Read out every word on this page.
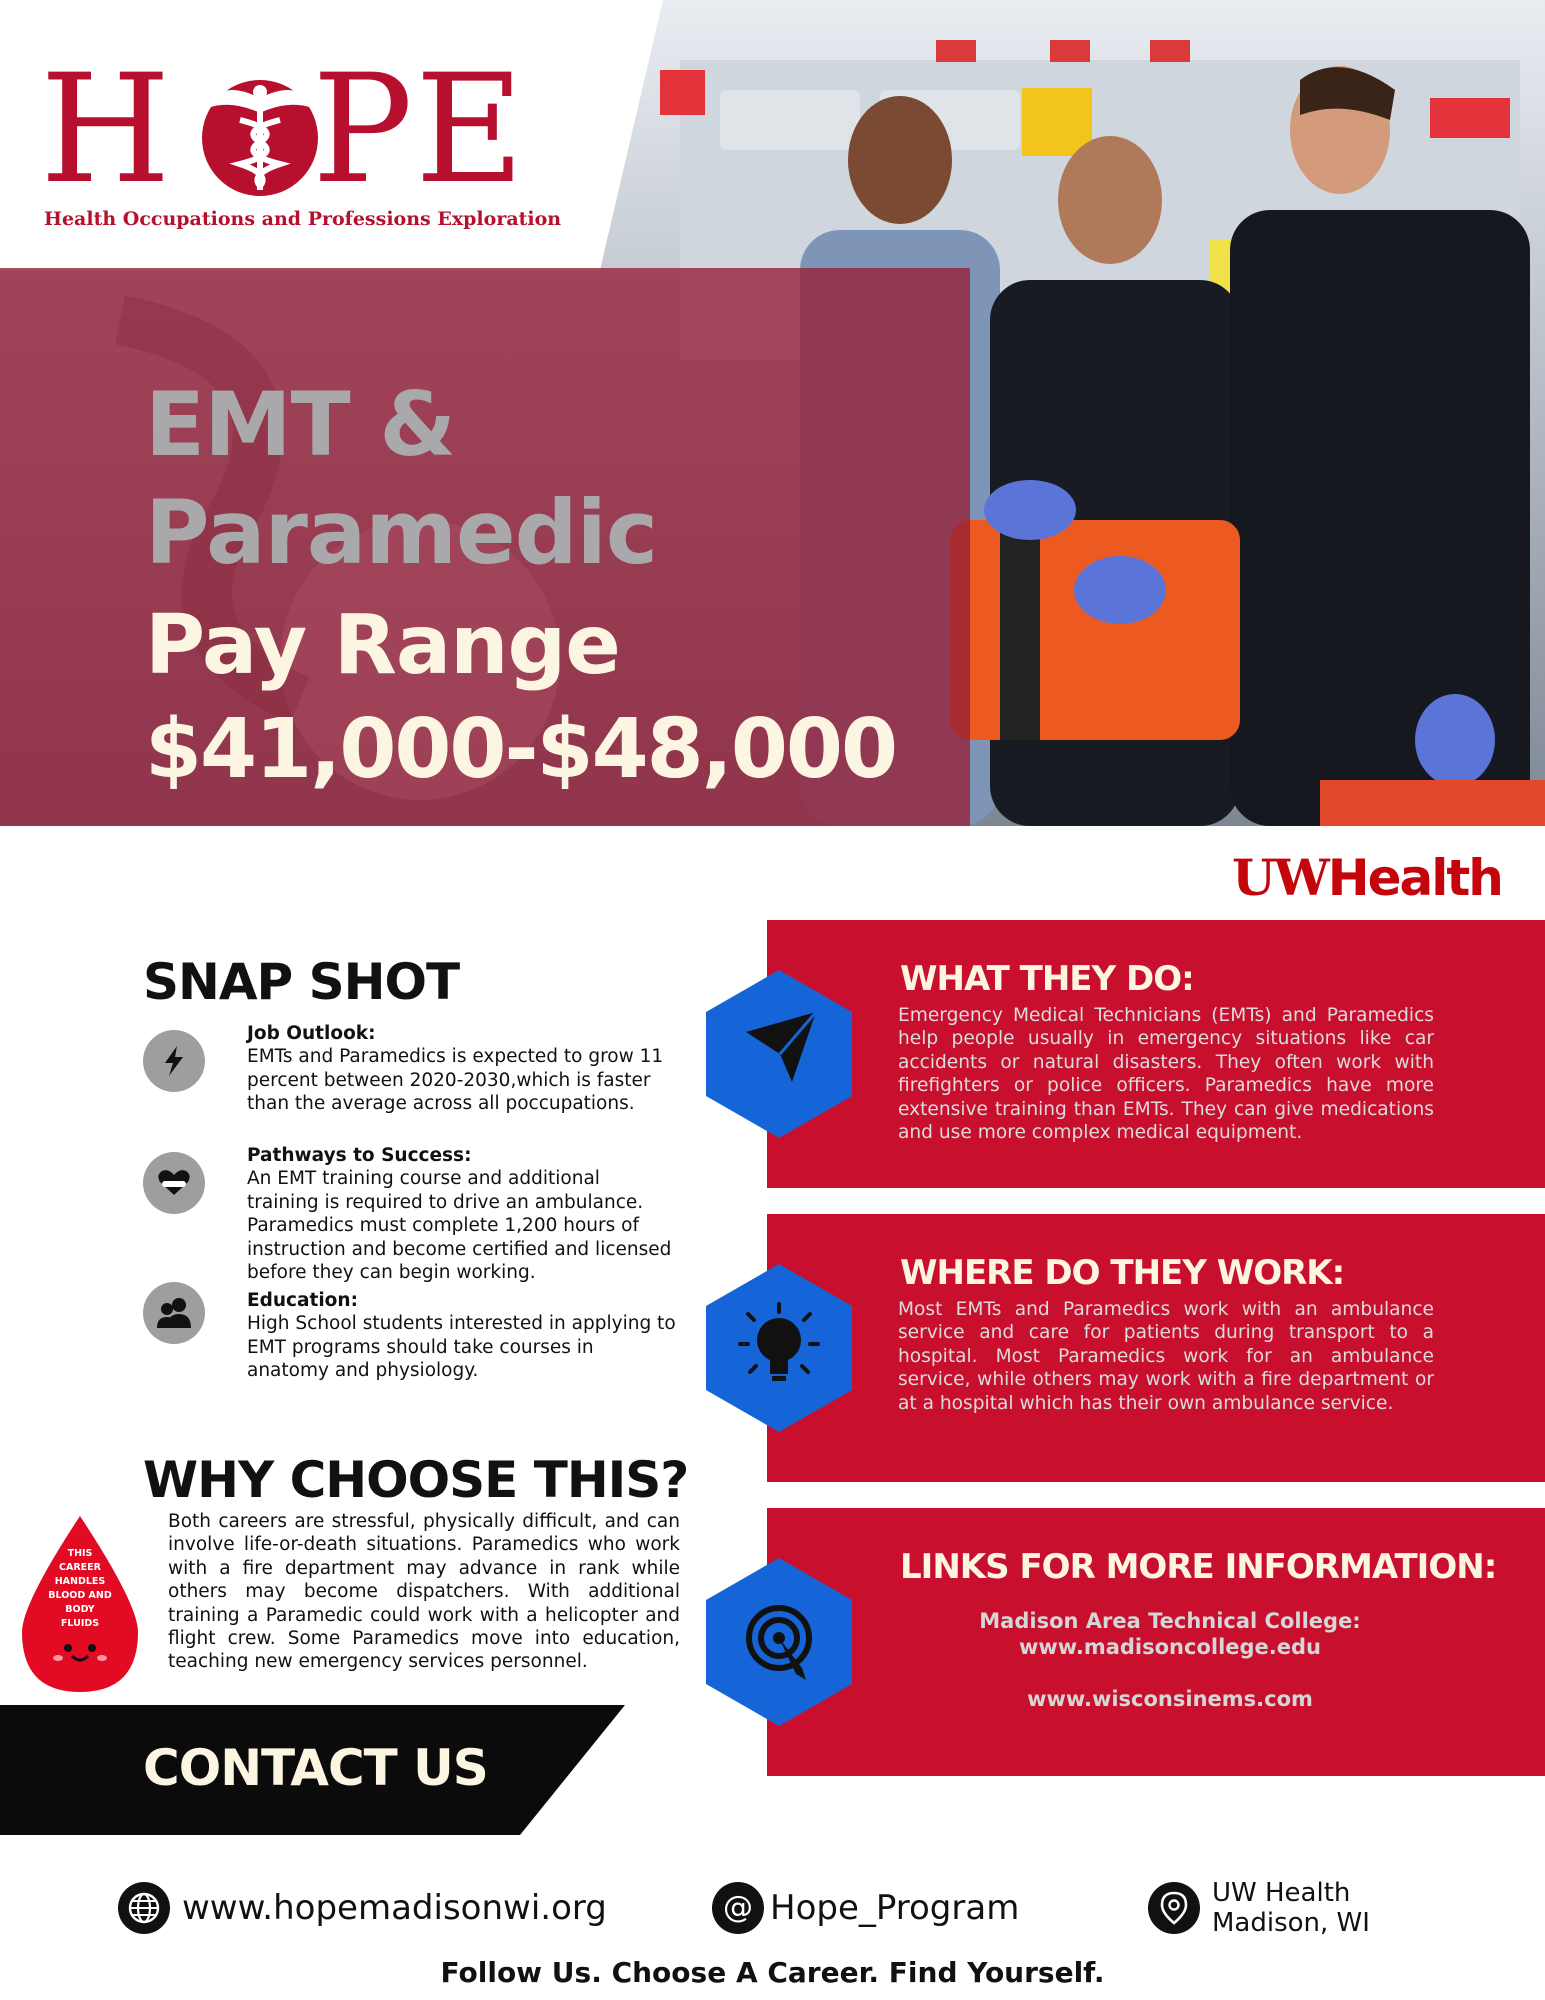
H PE
Health Occupations and Professions Exploration
EMT &
Paramedic
Pay Range
$41,000-$48,000
UWHealth
SNAP SHOT
Job Outlook:
EMTs and Paramedics is expected to grow 11 percent between 2020-2030,which is faster than the average across all poccupations.
Pathways to Success:
An EMT training course and additional training is required to drive an ambulance. Paramedics must complete 1,200 hours of instruction and become certified and licensed before they can begin working.
Education:
High School students interested in applying to EMT programs should take courses in anatomy and physiology.
WHY CHOOSE THIS?
THIS
CAREER
HANDLES
BLOOD AND
BODY
FLUIDS
Both careers are stressful, physically difficult, and can involve life-or-death situations. Paramedics who work with a fire department may advance in rank while others may become dispatchers. With additional training a Paramedic could work with a helicopter and flight crew. Some Paramedics move into education, teaching new emergency services personnel.
CONTACT US
WHAT THEY DO:
Emergency Medical Technicians (EMTs) and Paramedics help people usually in emergency situations like car accidents or natural disasters. They often work with firefighters or police officers. Paramedics have more extensive training than EMTs. They can give medications and use more complex medical equipment.
WHERE DO THEY WORK:
Most EMTs and Paramedics work with an ambulance service and care for patients during transport to a hospital. Most Paramedics work for an ambulance service, while others may work with a fire department or at a hospital which has their own ambulance service.
LINKS FOR MORE INFORMATION:
Madison Area Technical College:
www.madisoncollege.edu
www.wisconsinems.com
www.hopemadisonwi.org	@ Hope_Program	UW Health
Madison, WI
Follow Us. Choose A Career. Find Yourself.
